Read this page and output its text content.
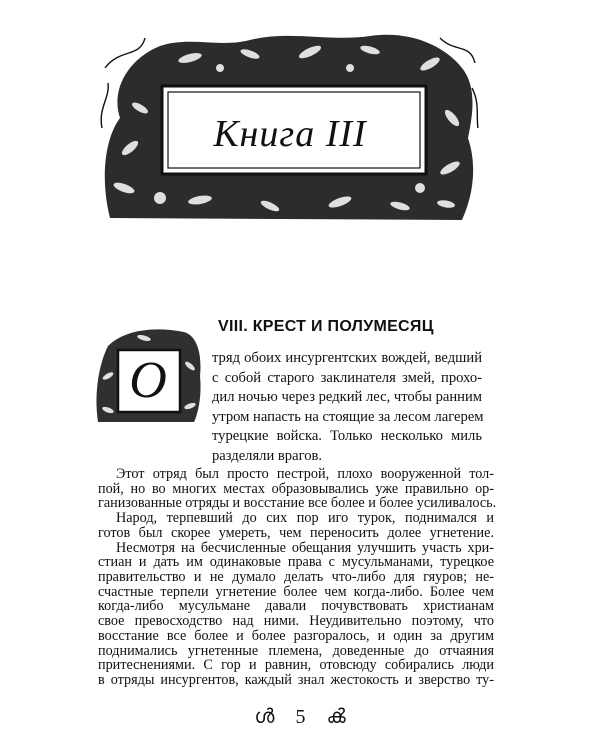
Книга III
О
VIII. КРЕСТ И ПОЛУМЕСЯЦ
тряд обоих инсургентских вождей, ведший
с собой старого заклинателя змей, прохо-
дил ночью через редкий лес, чтобы ранним
утром напасть на стоящие за лесом лагерем
турецкие войска. Только несколько миль
разделяли врагов.
Этот отряд был просто пестрой, плохо вооруженной тол-
пой, но во многих местах образовывались уже правильно ор-
ганизованные отряды и восстание все более и более усиливалось.
Народ, терпевший до сих пор иго турок, поднимался и
готов был скорее умереть, чем переносить долее угнетение.
Несмотря на бесчисленные обещания улучшить участь хри-
стиан и дать им одинаковые права с мусульманами, турецкое
правительство и не думало делать что-либо для гяуров; не-
счастные терпели угнетение более чем когда-либо. Более чем
когда-либо мусульмане давали почувствовать христианам
свое превосходство над ними. Неудивительно поэтому, что
восстание все более и более разгоралось, и один за другим
поднимались угнетенные племена, доведенные до отчаяния
притеснениями. С гор и равнин, отовсюду собирались люди
в отряды инсургентов, каждый знал жестокость и зверство ту-
ൾ 5 ൿ
